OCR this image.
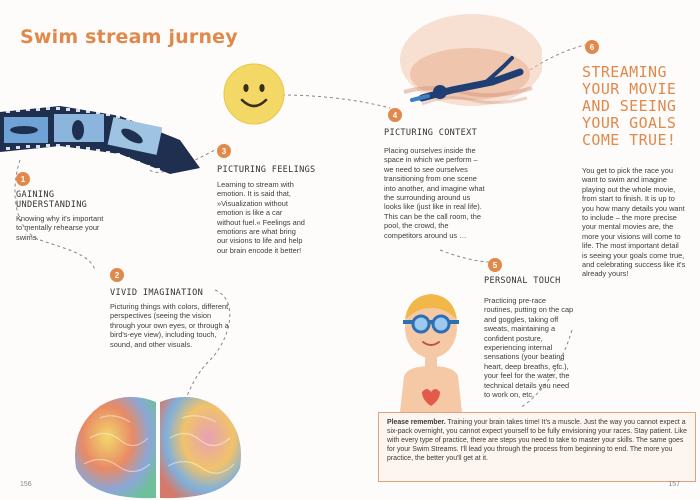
Swim stream jurney
1
GAINING UNDERSTANDING
Knowing why it's important to mentally rehearse your swims.
2
VIVID IMAGINATION
Picturing things with colors, different perspectives (seeing the vision through your own eyes, or through a bird's-eye view), including touch, sound, and other visuals.
3
PICTURING FEELINGS
Learning to stream with emotion. It is said that, »Visualization without emotion is like a car without fuel.« Feelings and emotions are what bring our visions to life and help our brain encode it better!
4
PICTURING CONTEXT
Placing ourselves inside the space in which we perform – we need to see ourselves transitioning from one scene into another, and imagine what the surrounding around us looks like (just like in real life). This can be the call room, the pool, the crowd, the competitors around us …
5
PERSONAL TOUCH
Practicing pre-race routines, putting on the cap and goggles, taking off sweats, maintaining a confident posture, experiencing internal sensations (your beating heart, deep breaths, etc.), your feel for the water, the technical details you need to work on, etc.
6
STREAMING YOUR MOVIE AND SEEING YOUR GOALS COME TRUE!
You get to pick the race you want to swim and imagine playing out the whole movie, from start to finish. It is up to you how many details you want to include – the more precise your mental movies are, the more your visions will come to life. The most important detail is seeing your goals come true, and celebrating success like it's already yours!
Please remember. Training your brain takes time! It's a muscle. Just the way you cannot expect a six-pack overnight, you cannot expect yourself to be fully envisioning your races. Stay patient. Like with every type of practice, there are steps you need to take to master your skills. The same goes for your Swim Streams. I'll lead you through the process from beginning to end. The more you practice, the better you'll get at it.
156	157
